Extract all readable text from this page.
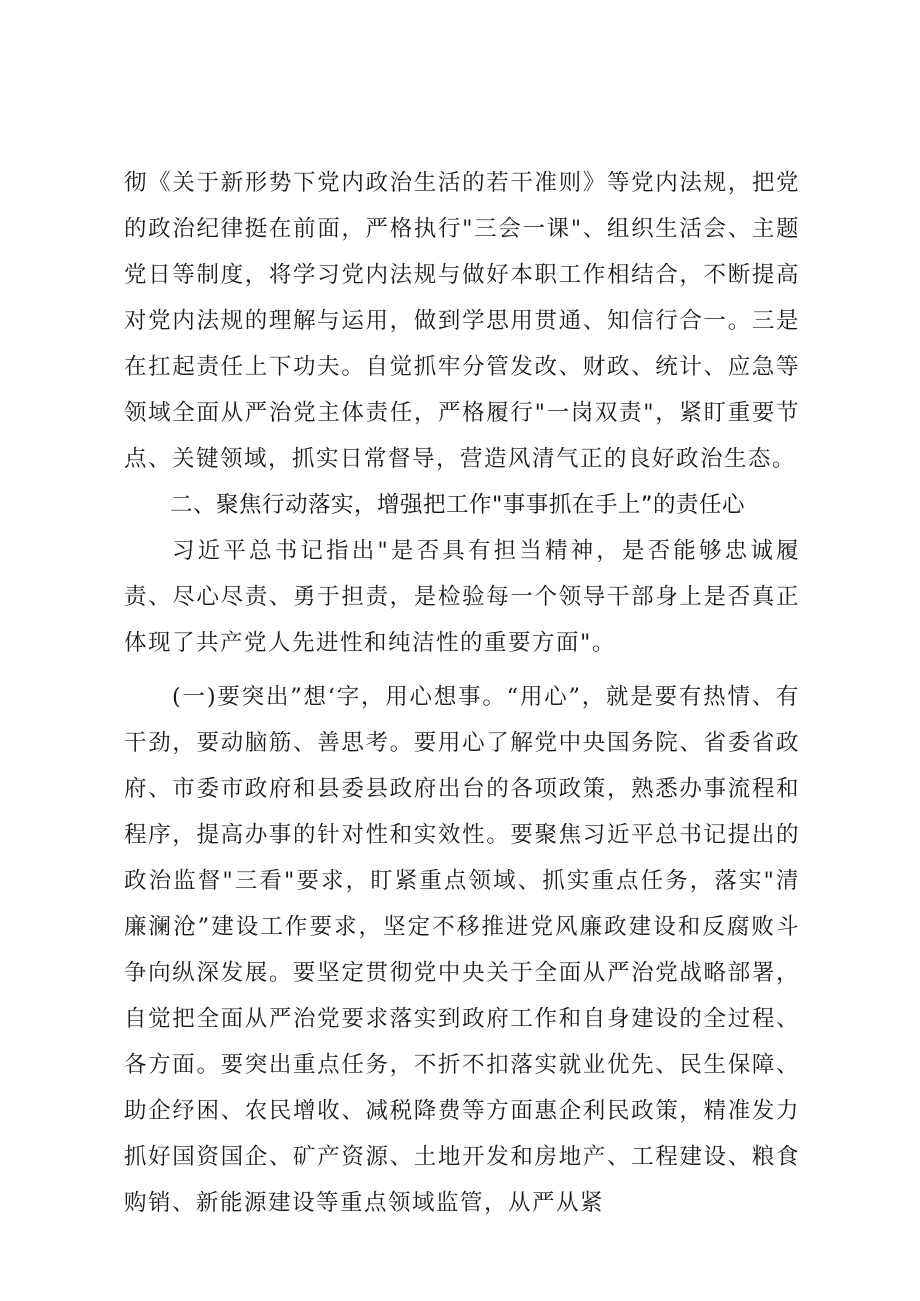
彻《关于新形势下党内政治生活的若干准则》等党内法规，把党的政治纪律挺在前面，严格执行"三会一课"、组织生活会、主题党日等制度，将学习党内法规与做好本职工作相结合，不断提高对党内法规的理解与运用，做到学思用贯通、知信行合一。三是在扛起责任上下功夫。自觉抓牢分管发改、财政、统计、应急等领域全面从严治党主体责任，严格履行"一岗双责"，紧盯重要节点、关键领域，抓实日常督导，营造风清气正的良好政治生态。

二、聚焦行动落实，增强把工作"事事抓在手上”的责任心

习近平总书记指出"是否具有担当精神，是否能够忠诚履责、尽心尽责、勇于担责，是检验每一个领导干部身上是否真正体现了共产党人先进性和纯洁性的重要方面"。

(一)要突出”想‘字，用心想事。“用心”，就是要有热情、有干劲，要动脑筋、善思考。要用心了解党中央国务院、省委省政府、市委市政府和县委县政府出台的各项政策，熟悉办事流程和程序，提高办事的针对性和实效性。要聚焦习近平总书记提出的政治监督"三看"要求，盯紧重点领域、抓实重点任务，落实"清廉澜沧”建设工作要求，坚定不移推进党风廉政建设和反腐败斗争向纵深发展。要坚定贯彻党中央关于全面从严治党战略部署，自觉把全面从严治党要求落实到政府工作和自身建设的全过程、各方面。要突出重点任务，不折不扣落实就业优先、民生保障、助企纾困、农民增收、减税降费等方面惠企利民政策，精准发力抓好国资国企、矿产资源、土地开发和房地产、工程建设、粮食购销、新能源建设等重点领域监管，从严从紧
